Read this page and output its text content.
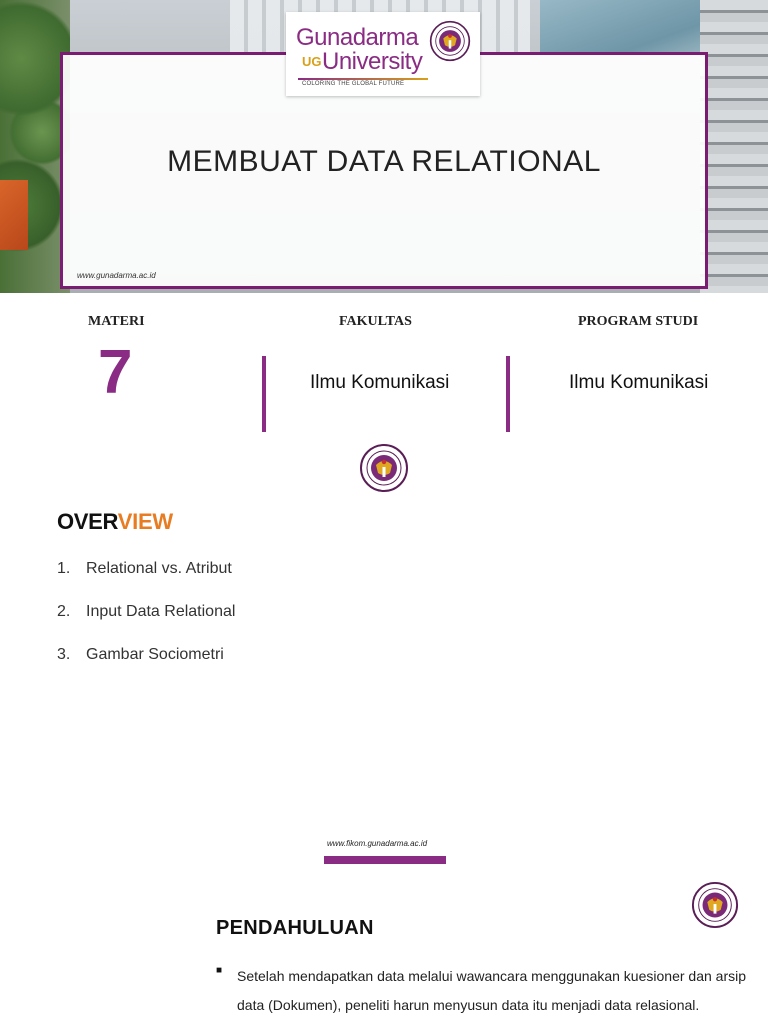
MEMBUAT DATA RELATIONAL
www.gunadarma.ac.id
Gunadarma
UG University
COLORING THE GLOBAL FUTURE
MATERI
7
FAKULTAS
Ilmu Komunikasi
PROGRAM STUDI
Ilmu Komunikasi
OVERVIEW
1. Relational vs. Atribut
2. Input Data Relational
3. Gambar Sociometri
www.fikom.gunadarma.ac.id
PENDAHULUAN
■ Setelah mendapatkan data melalui wawancara menggunakan kuesioner dan arsip data (Dokumen), peneliti harun menyusun data itu menjadi data relasional.
